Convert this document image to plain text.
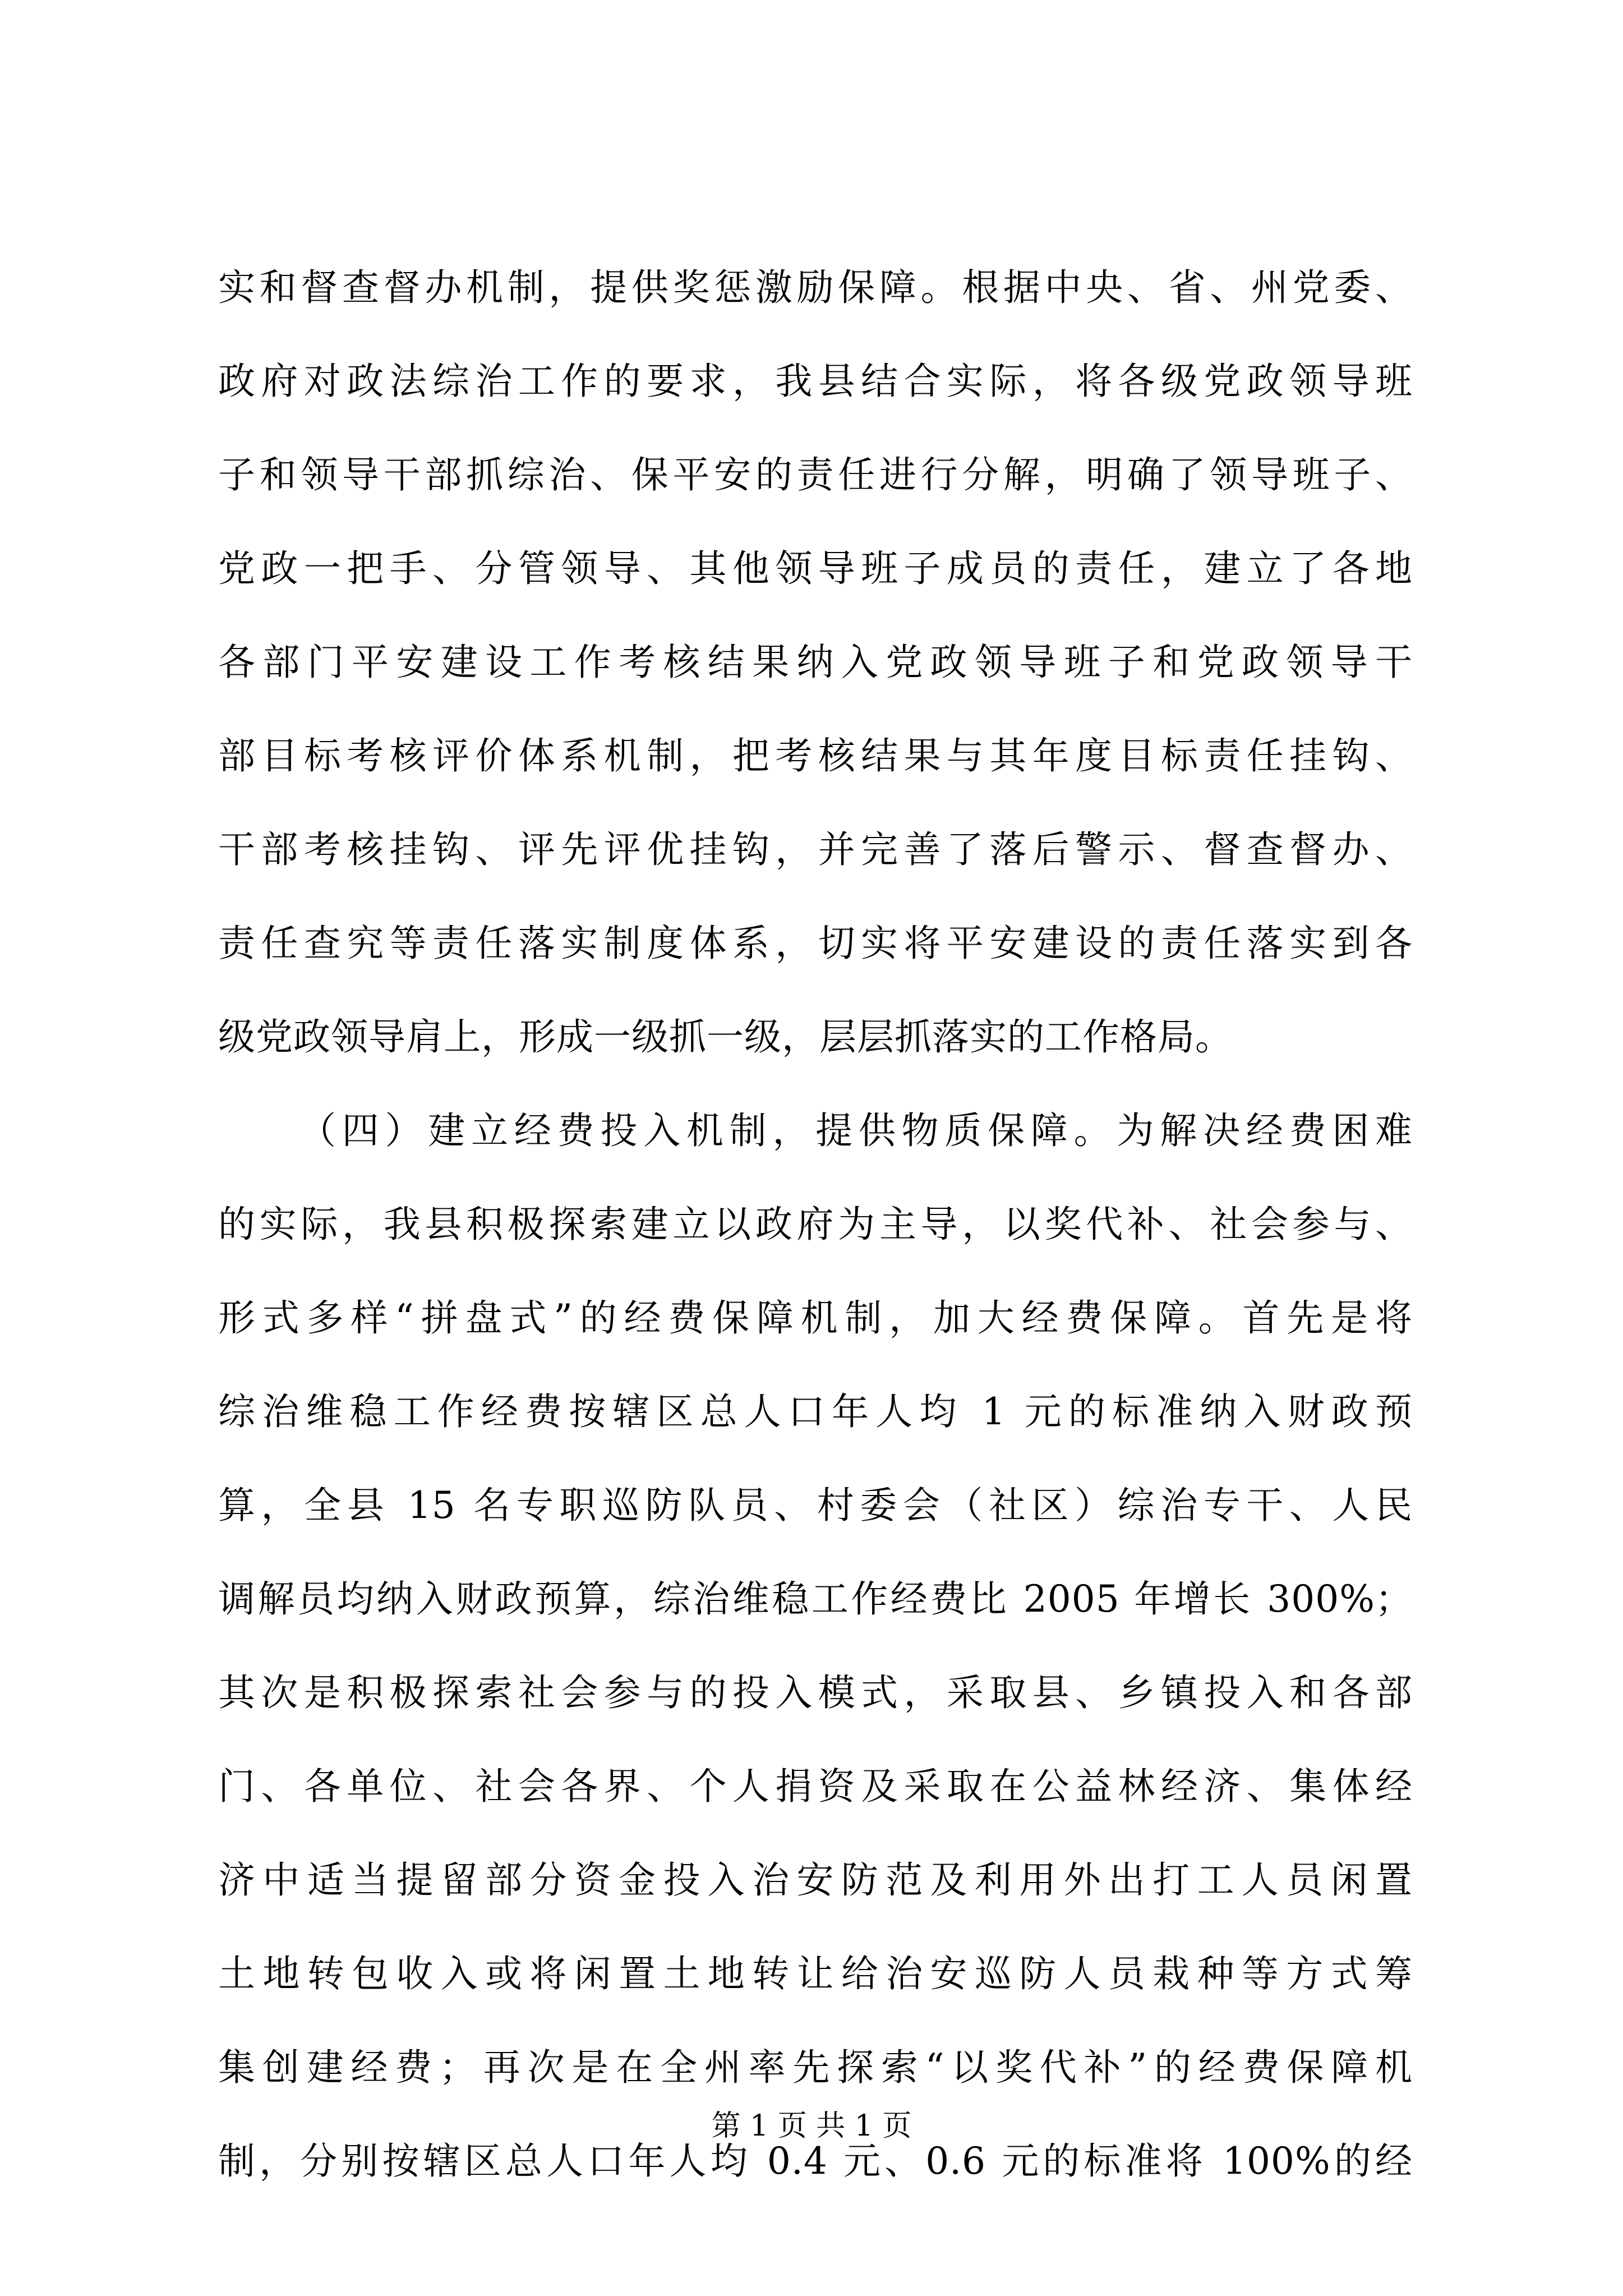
实和督查督办机制，提供奖惩激励保障。根据中央、省、州党委、
政府对政法综治工作的要求，我县结合实际，将各级党政领导班
子和领导干部抓综治、保平安的责任进行分解，明确了领导班子、
党政一把手、分管领导、其他领导班子成员的责任，建立了各地
各部门平安建设工作考核结果纳入党政领导班子和党政领导干
部目标考核评价体系机制，把考核结果与其年度目标责任挂钩、
干部考核挂钩、评先评优挂钩，并完善了落后警示、督查督办、
责任查究等责任落实制度体系，切实将平安建设的责任落实到各
级党政领导肩上，形成一级抓一级，层层抓落实的工作格局。
（四）建立经费投入机制，提供物质保障。为解决经费困难
的实际，我县积极探索建立以政府为主导，以奖代补、社会参与、
形式多样“拼盘式”的经费保障机制，加大经费保障。首先是将
综治维稳工作经费按辖区总人口年人均 1 元的标准纳入财政预
算，全县 15 名专职巡防队员、村委会（社区）综治专干、人民
调解员均纳入财政预算，综治维稳工作经费比 2005 年增长 300%；
其次是积极探索社会参与的投入模式，采取县、乡镇投入和各部
门、各单位、社会各界、个人捐资及采取在公益林经济、集体经
济中适当提留部分资金投入治安防范及利用外出打工人员闲置
土地转包收入或将闲置土地转让给治安巡防人员栽种等方式筹
集创建经费；再次是在全州率先探索“以奖代补”的经费保障机
制，分别按辖区总人口年人均 0.4 元、0.6 元的标准将 100%的经
第 1 页 共 1 页
